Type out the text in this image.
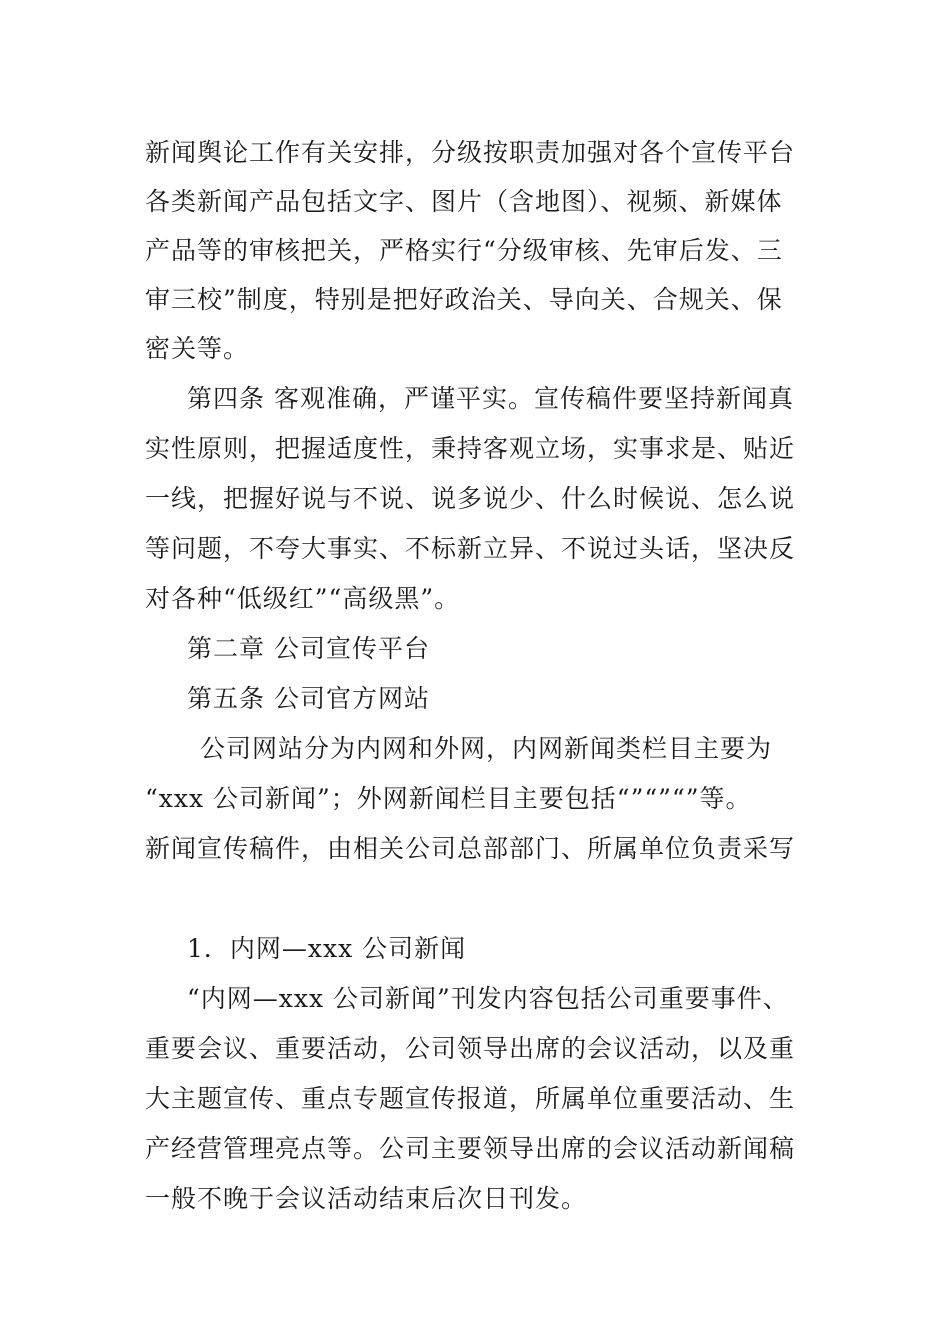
新闻舆论工作有关安排，分级按职责加强对各个宣传平台
各类新闻产品包括文字、图片（含地图）、视频、新媒体
产品等的审核把关，严格实行“分级审核、先审后发、三
审三校”制度，特别是把好政治关、导向关、合规关、保
密关等。
第四条 客观准确，严谨平实。宣传稿件要坚持新闻真
实性原则，把握适度性，秉持客观立场，实事求是、贴近
一线，把握好说与不说、说多说少、什么时候说、怎么说
等问题，不夸大事实、不标新立异、不说过头话，坚决反
对各种“低级红”“高级黑”。
第二章 公司宣传平台
第五条 公司官方网站
公司网站分为内网和外网，内网新闻类栏目主要为
“xxx 公司新闻”；外网新闻栏目主要包括“”“”“”等。
新闻宣传稿件，由相关公司总部部门、所属单位负责采写
1．内网—xxx 公司新闻
“内网—xxx 公司新闻”刊发内容包括公司重要事件、
重要会议、重要活动，公司领导出席的会议活动，以及重
大主题宣传、重点专题宣传报道，所属单位重要活动、生
产经营管理亮点等。公司主要领导出席的会议活动新闻稿
一般不晚于会议活动结束后次日刊发。
